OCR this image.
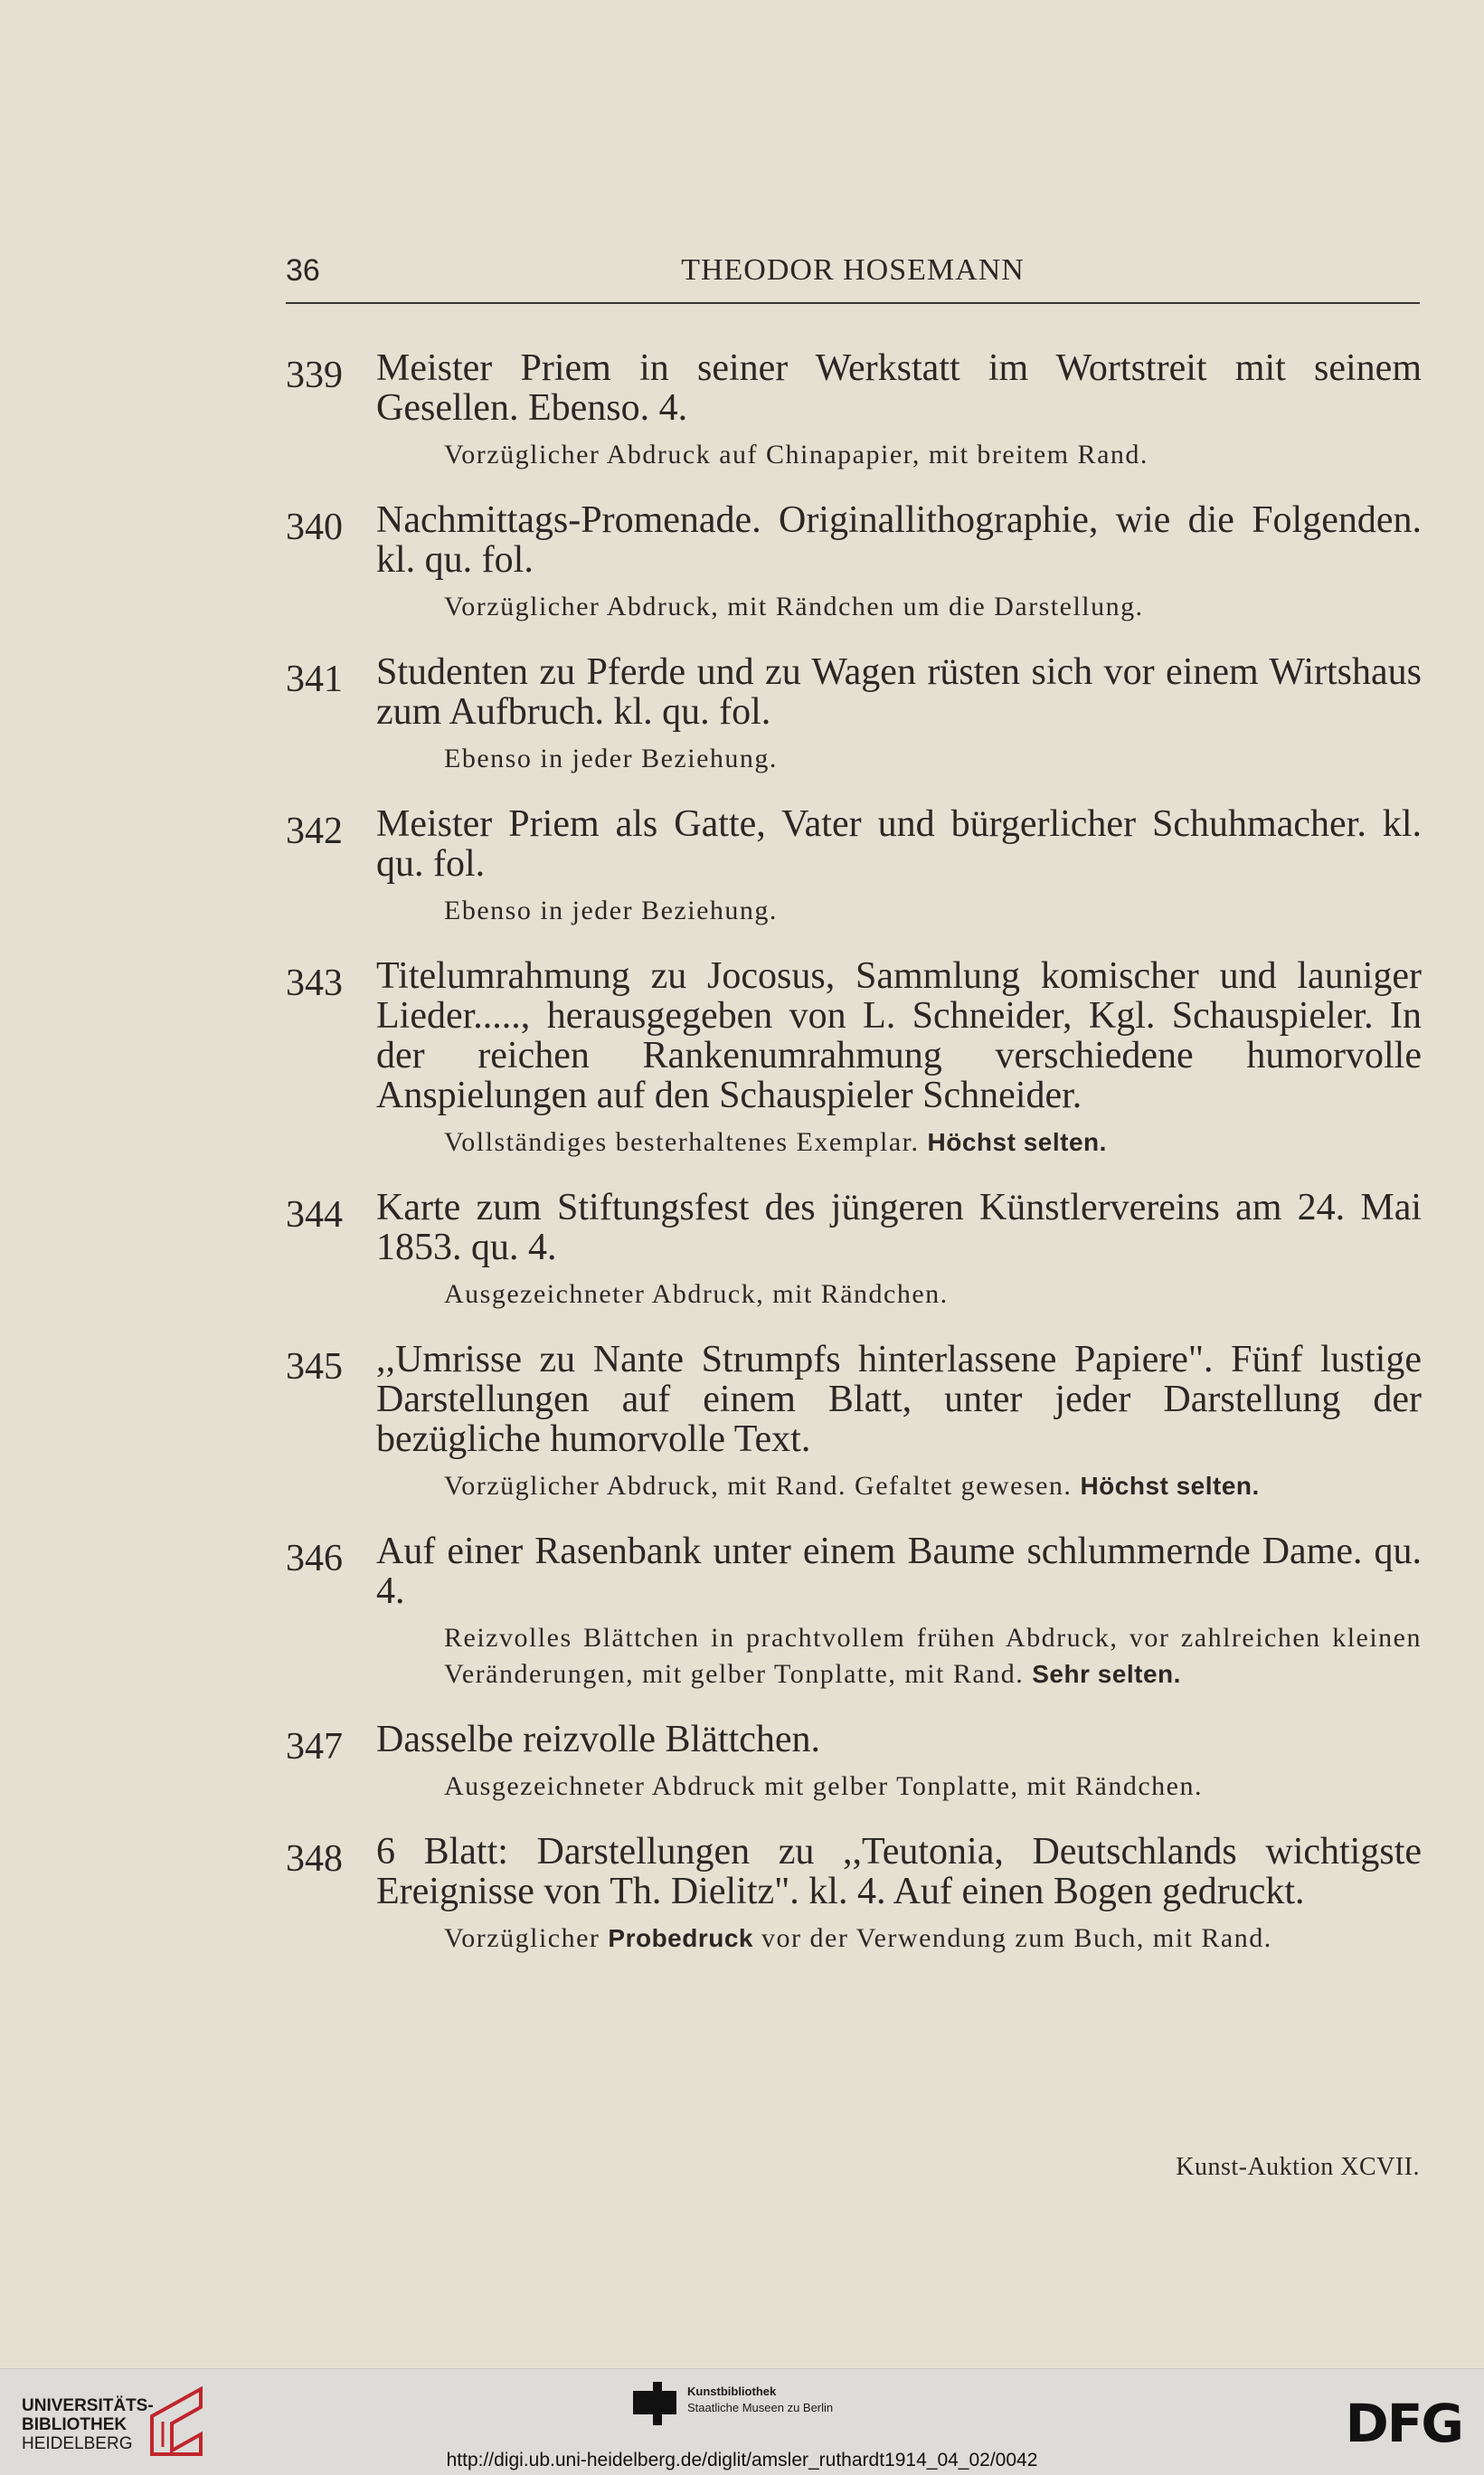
36	THEODOR HOSEMANN
339 Meister Priem in seiner Werkstatt im Wortstreit mit seinem Gesellen. Ebenso. 4.
Vorzüglicher Abdruck auf Chinapapier, mit breitem Rand.
340 Nachmittags-Promenade. Originallithographie, wie die Folgenden. kl. qu. fol.
Vorzüglicher Abdruck, mit Rändchen um die Darstellung.
341 Studenten zu Pferde und zu Wagen rüsten sich vor einem Wirtshaus zum Aufbruch. kl. qu. fol.
Ebenso in jeder Beziehung.
342 Meister Priem als Gatte, Vater und bürgerlicher Schuhmacher. kl. qu. fol.
Ebenso in jeder Beziehung.
343 Titelumrahmung zu Jocosus, Sammlung komischer und launiger Lieder....., herausgegeben von L. Schneider, Kgl. Schauspieler. In der reichen Rankenumrahmung verschiedene humorvolle Anspielungen auf den Schauspieler Schneider.
Vollständiges besterhaltenes Exemplar. Höchst selten.
344 Karte zum Stiftungsfest des jüngeren Künstlervereins am 24. Mai 1853. qu. 4.
Ausgezeichneter Abdruck, mit Rändchen.
345 ,,Umrisse zu Nante Strumpfs hinterlassene Papiere". Fünf lustige Darstellungen auf einem Blatt, unter jeder Darstellung der bezügliche humorvolle Text.
Vorzüglicher Abdruck, mit Rand. Gefaltet gewesen. Höchst selten.
346 Auf einer Rasenbank unter einem Baume schlummernde Dame. qu. 4.
Reizvolles Blättchen in prachtvollem frühen Abdruck, vor zahlreichen kleinen Veränderungen, mit gelber Tonplatte, mit Rand. Sehr selten.
347 Dasselbe reizvolle Blättchen.
Ausgezeichneter Abdruck mit gelber Tonplatte, mit Rändchen.
348 6 Blatt: Darstellungen zu ,,Teutonia, Deutschlands wichtigste Ereignisse von Th. Dielitz". kl. 4. Auf einen Bogen gedruckt.
Vorzüglicher Probedruck vor der Verwendung zum Buch, mit Rand.
Kunst-Auktion XCVII.
UNIVERSITÄTS-
BIBLIOTHEK
HEIDELBERG
Kunstbibliothek
Staatliche Museen zu Berlin	DFG
http://digi.ub.uni-heidelberg.de/diglit/amsler_ruthardt1914_04_02/0042
